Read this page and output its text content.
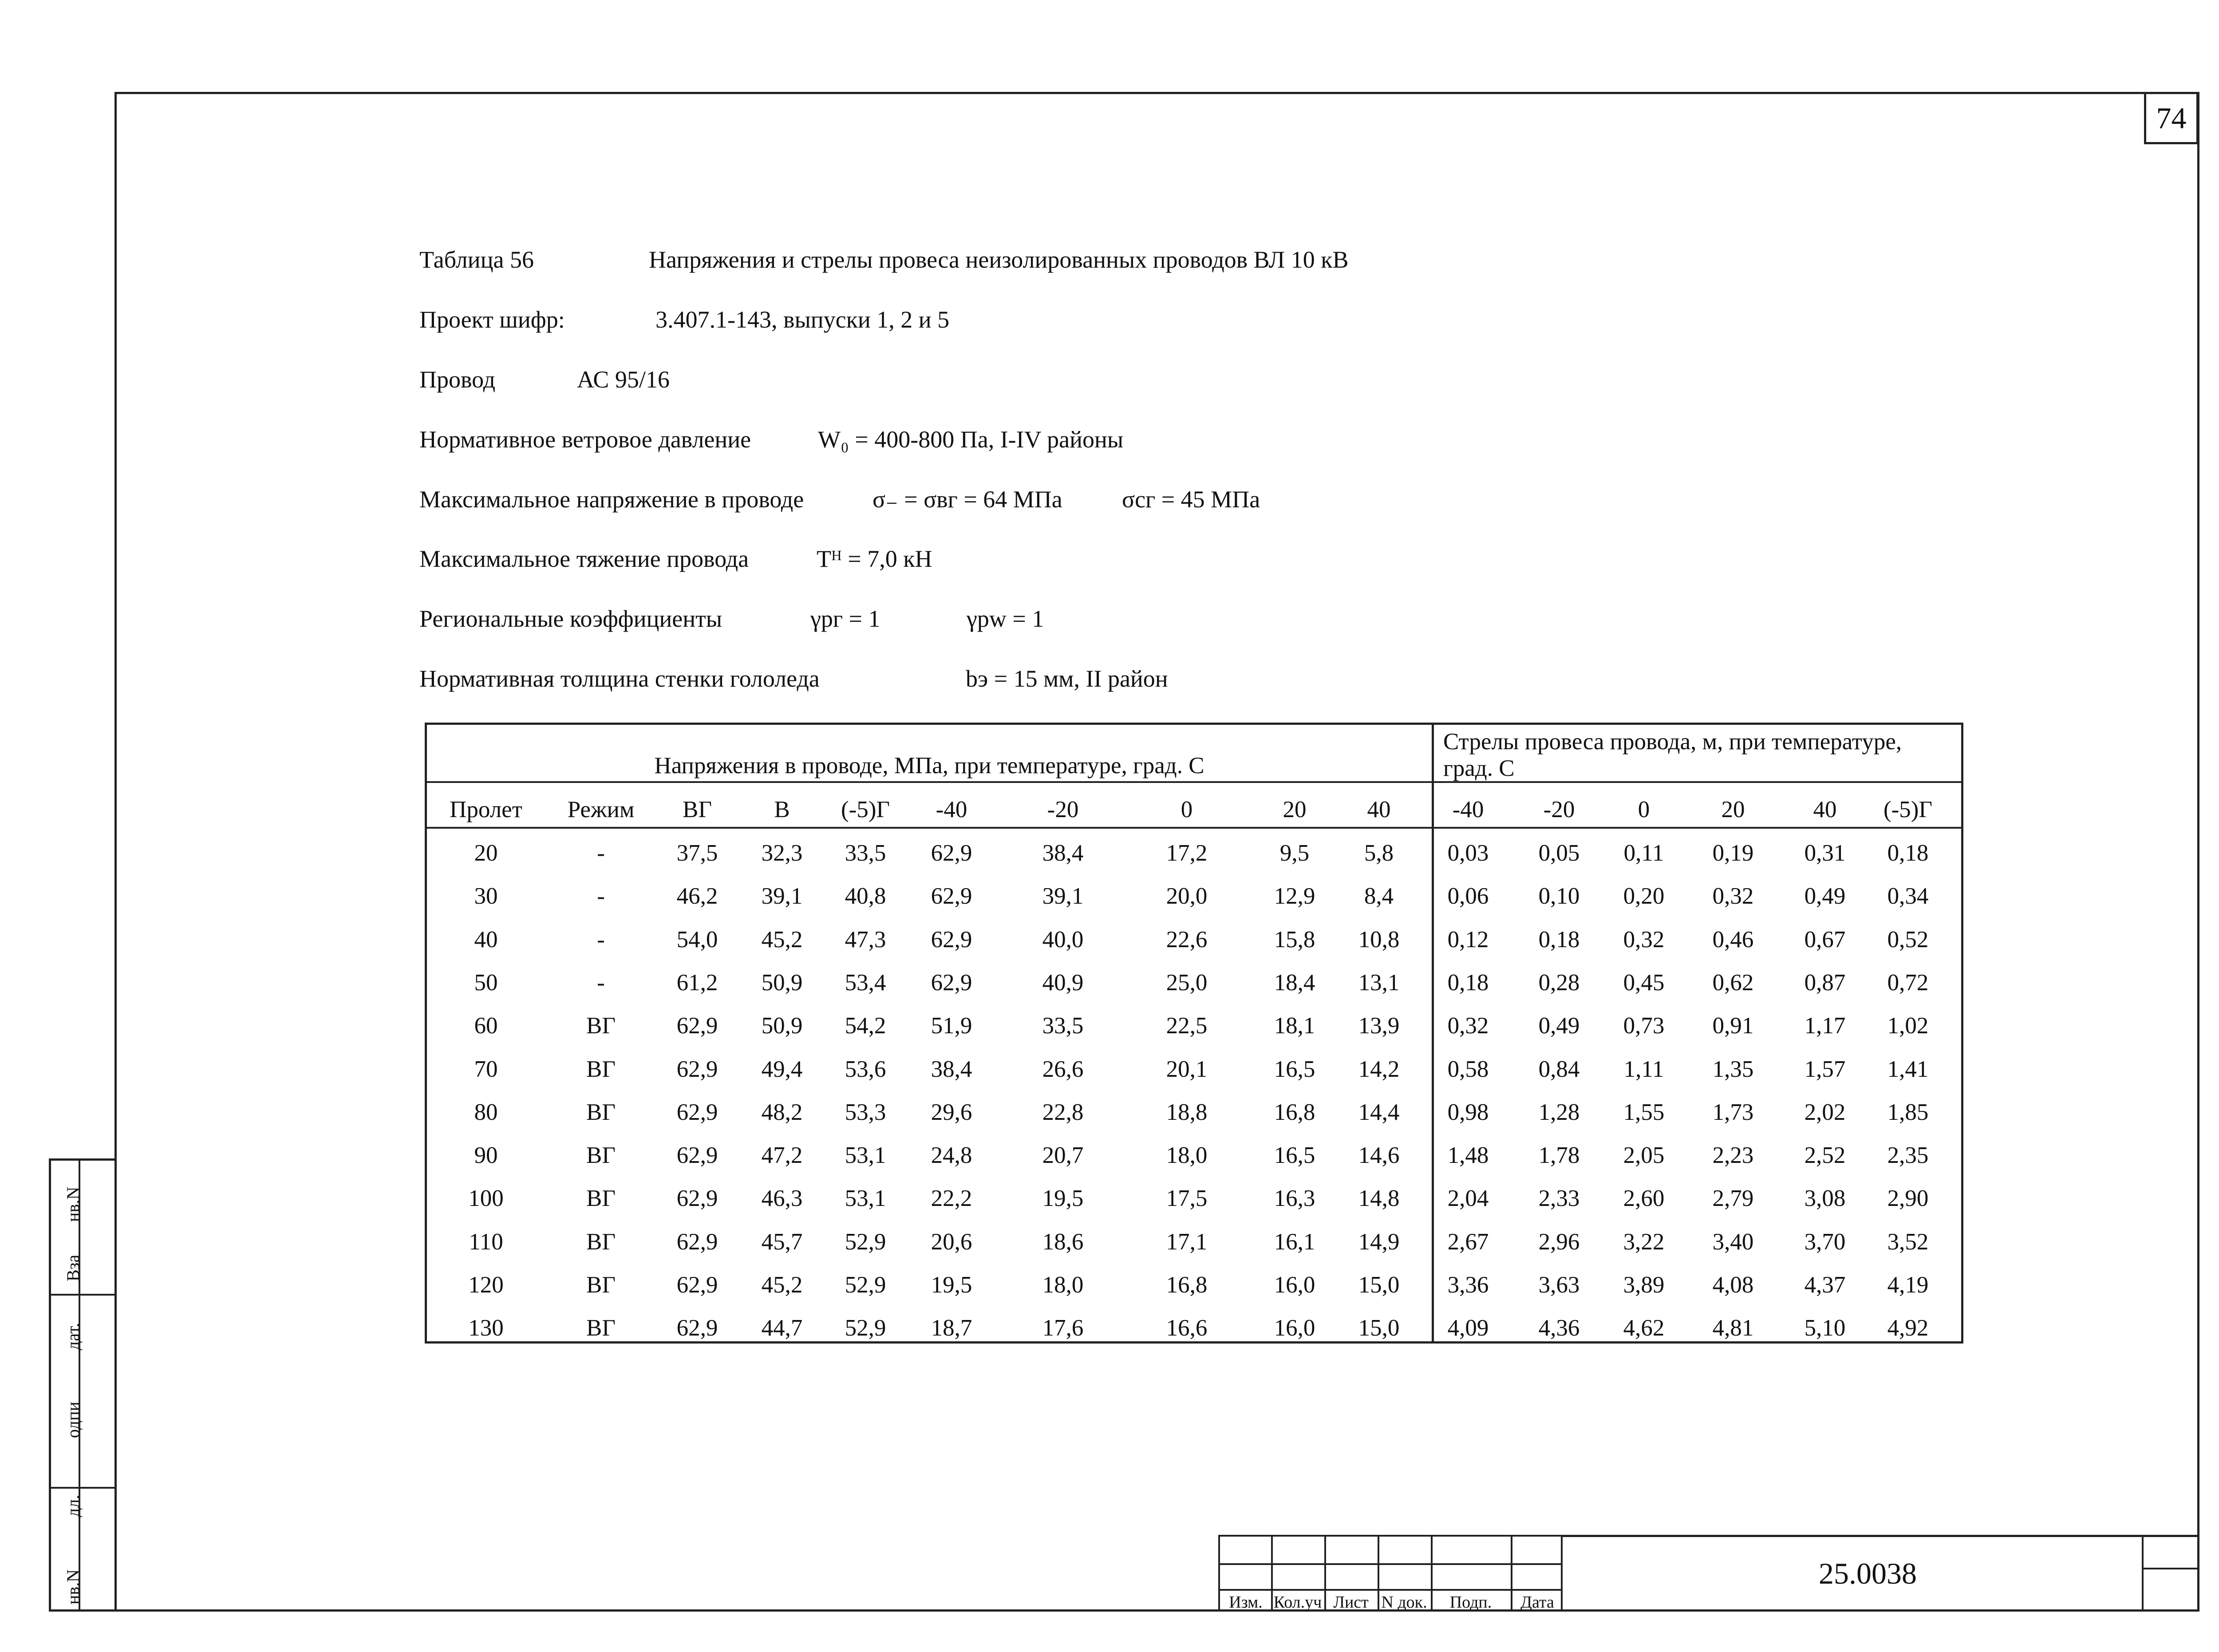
74
Таблица 56	Напряжения и стрелы провеса неизолированных проводов ВЛ 10 кВ
Проект шифр:	3.407.1-143, выпуски 1, 2 и 5
Провод	АС 95/16
Нормативное ветровое давление	W₀ = 400-800 Па, I-IV районы
Максимальное напряжение в проводе	σ₋ = σвг = 64 МПа σсг = 45 МПа
Максимальное тяжение провода	Тᴴ = 7,0 кН
Региональные коэффициенты	γрг = 1	γpw = 1
Нормативная толщина стенки гололеда	bэ = 15 мм, II район
Напряжения в проводе, МПа, при температуре, град. С
Стрелы провеса провода, м, при температуре,
град. С
Пролет Режим ВГ	В (-5)Г -40	-20	0	20	40	-40	-20	0	20	40 (-5)Г
20	-	37,5 32,3 33,5 62,9	38,4	17,2	9,5 5,8 0,03 0,05 0,11 0,19 0,31 0,18
30	-	46,2 39,1 40,8 62,9	39,1	20,0	12,9 8,4 0,06 0,10 0,20 0,32 0,49 0,34
40	-	54,0 45,2 47,3 62,9	40,0	22,6	15,8 10,8 0,12 0,18 0,32 0,46 0,67 0,52
50	-	61,2 50,9 53,4 62,9	40,9	25,0	18,4 13,1 0,18 0,28 0,45 0,62 0,87 0,72
60	ВГ	62,9 50,9 54,2 51,9	33,5	22,5	18,1 13,9 0,32 0,49 0,73 0,91 1,17 1,02
70	ВГ	62,9 49,4 53,6 38,4	26,6	20,1	16,5 14,2 0,58 0,84 1,11 1,35 1,57 1,41
80	ВГ	62,9 48,2 53,3 29,6	22,8	18,8	16,8 14,4 0,98 1,28 1,55 1,73 2,02 1,85
90	ВГ	62,9 47,2 53,1 24,8	20,7	18,0	16,5 14,6 1,48 1,78 2,05 2,23 2,52 2,35
100	ВГ	62,9 46,3 53,1 22,2	19,5	17,5	16,3 14,8 2,04 2,33 2,60 2,79 3,08 2,90
110	ВГ	62,9 45,7 52,9 20,6	18,6	17,1	16,1 14,9 2,67 2,96 3,22 3,40 3,70 3,52
120	ВГ	62,9 45,2 52,9 19,5	18,0	16,8	16,0 15,0 3,36 3,63 3,89 4,08 4,37 4,19
130	ВГ	62,9 44,7 52,9 18,7	17,6	16,6	16,0 15,0 4,09 4,36 4,62 4,81 5,10 4,92
нв.N
Вза
дат.
одпи
дл.
нв.N	Изм. Кол.уч Лист N док. Подп. Дата
25.0038
